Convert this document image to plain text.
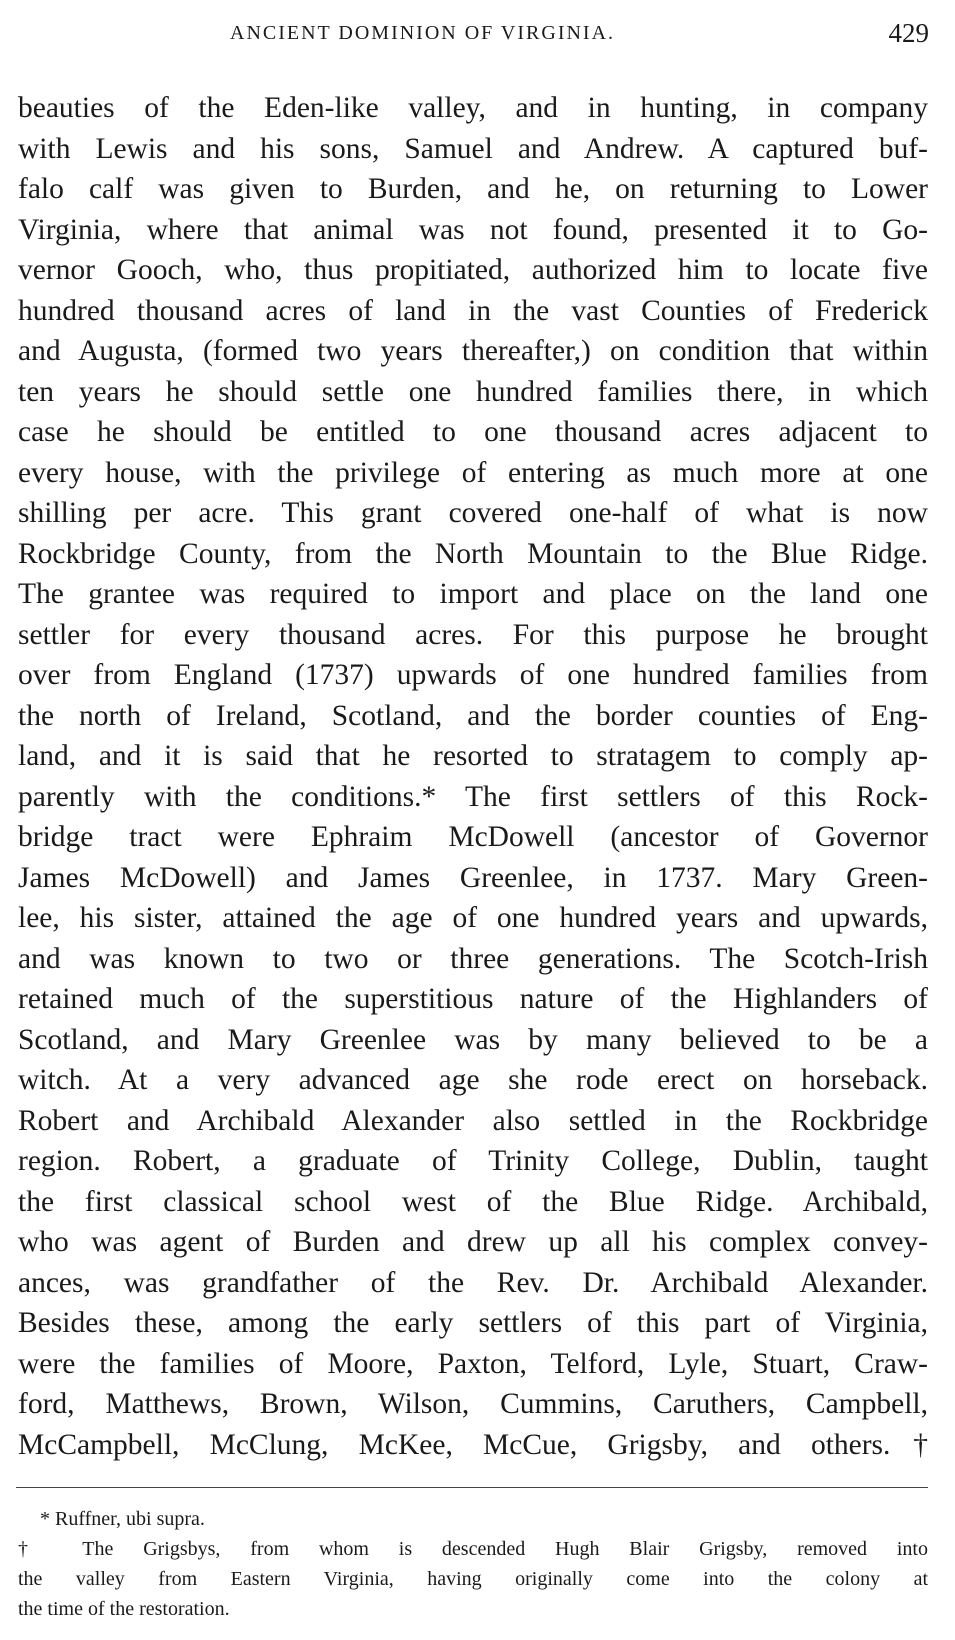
ANCIENT DOMINION OF VIRGINIA.	429
beauties of the Eden-like valley, and in hunting, in company
with Lewis and his sons, Samuel and Andrew. A captured buf-
falo calf was given to Burden, and he, on returning to Lower
Virginia, where that animal was not found, presented it to Go-
vernor Gooch, who, thus propitiated, authorized him to locate five
hundred thousand acres of land in the vast Counties of Frederick
and Augusta, (formed two years thereafter,) on condition that within
ten years he should settle one hundred families there, in which
case he should be entitled to one thousand acres adjacent to
every house, with the privilege of entering as much more at one
shilling per acre. This grant covered one-half of what is now
Rockbridge County, from the North Mountain to the Blue Ridge.
The grantee was required to import and place on the land one
settler for every thousand acres. For this purpose he brought
over from England (1737) upwards of one hundred families from
the north of Ireland, Scotland, and the border counties of Eng-
land, and it is said that he resorted to stratagem to comply ap-
parently with the conditions.* The first settlers of this Rock-
bridge tract were Ephraim McDowell (ancestor of Governor
James McDowell) and James Greenlee, in 1737. Mary Green-
lee, his sister, attained the age of one hundred years and upwards,
and was known to two or three generations. The Scotch-Irish
retained much of the superstitious nature of the Highlanders of
Scotland, and Mary Greenlee was by many believed to be a
witch. At a very advanced age she rode erect on horseback.
Robert and Archibald Alexander also settled in the Rockbridge
region. Robert, a graduate of Trinity College, Dublin, taught
the first classical school west of the Blue Ridge. Archibald,
who was agent of Burden and drew up all his complex convey-
ances, was grandfather of the Rev. Dr. Archibald Alexander.
Besides these, among the early settlers of this part of Virginia,
were the families of Moore, Paxton, Telford, Lyle, Stuart, Craw-
ford, Matthews, Brown, Wilson, Cummins, Caruthers, Campbell,
McCampbell, McClung, McKee, McCue, Grigsby, and others.†
* Ruffner, ubi supra.
† The Grigsbys, from whom is descended Hugh Blair Grigsby, removed into
the valley from Eastern Virginia, having originally come into the colony at
the time of the restoration.
